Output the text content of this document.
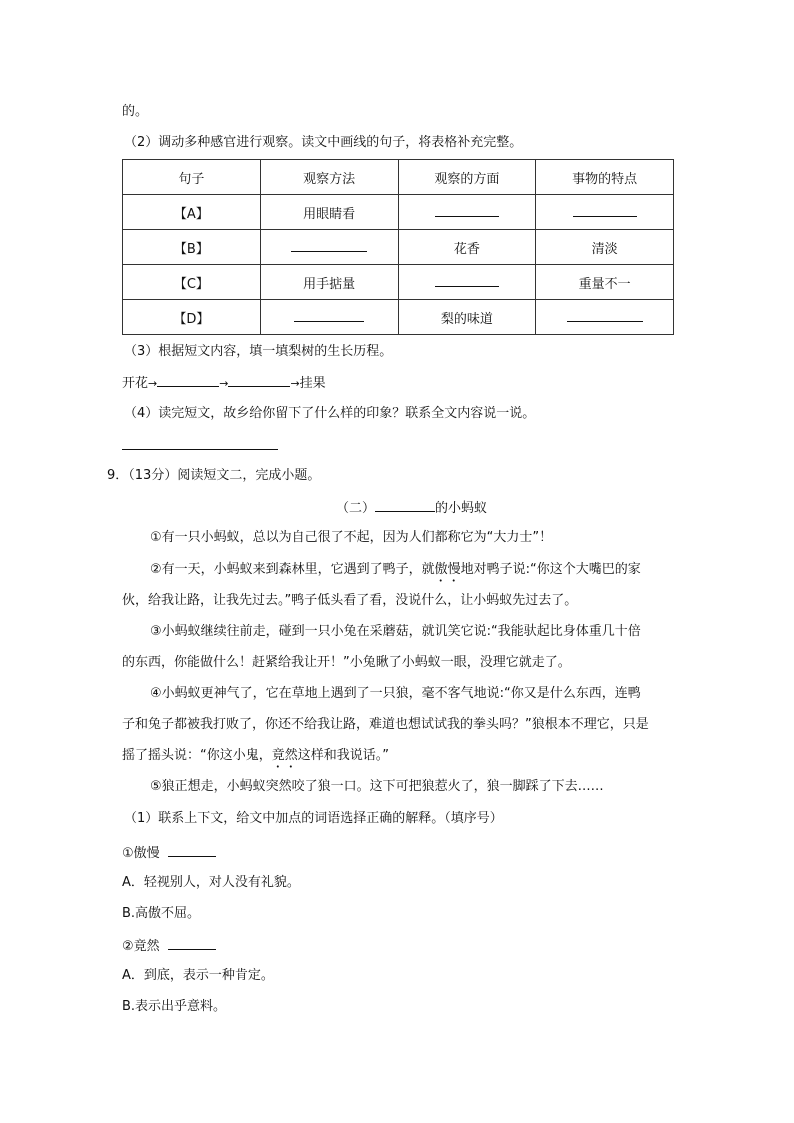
的。
（2）调动多种感官进行观察。读文中画线的句子，将表格补充完整。
句子	观察方法	观察的方面	事物的特点
【A】	用眼睛看		
【B】		花香	清淡
【C】	用手掂量		重量不一
【D】		梨的味道	
（3）根据短文内容，填一填梨树的生长历程。
开花→	→	→挂果
（4）读完短文，故乡给你留下了什么样的印象？联系全文内容说一说。
9．（13分）阅读短文二，完成小题。
（二）	的小蚂蚁
①有一只小蚂蚁，总以为自己很了不起，因为人们都称它为“大力士”！
②有一天，小蚂蚁来到森林里，它遇到了鸭子，就傲慢地对鸭子说:“你这个大嘴巴的家
伙，给我让路，让我先过去。”鸭子低头看了看，没说什么，让小蚂蚁先过去了。
③小蚂蚁继续往前走，碰到一只小兔在采蘑菇，就讥笑它说:“我能驮起比身体重几十倍
的东西，你能做什么！赶紧给我让开！”小兔瞅了小蚂蚁一眼，没理它就走了。
④小蚂蚁更神气了，它在草地上遇到了一只狼，毫不客气地说:“你又是什么东西，连鸭
子和兔子都被我打败了，你还不给我让路，难道也想试试我的拳头吗？”狼根本不理它，只是
摇了摇头说：“你这小鬼，竟然这样和我说话。”
⑤狼正想走，小蚂蚁突然咬了狼一口。这下可把狼惹火了，狼一脚踩了下去……
（1）联系上下文，给文中加点的词语选择正确的解释。（填序号）
①傲慢
A．轻视别人，对人没有礼貌。
B.高傲不屈。
②竟然
A．到底，表示一种肯定。
B.表示出乎意料。
